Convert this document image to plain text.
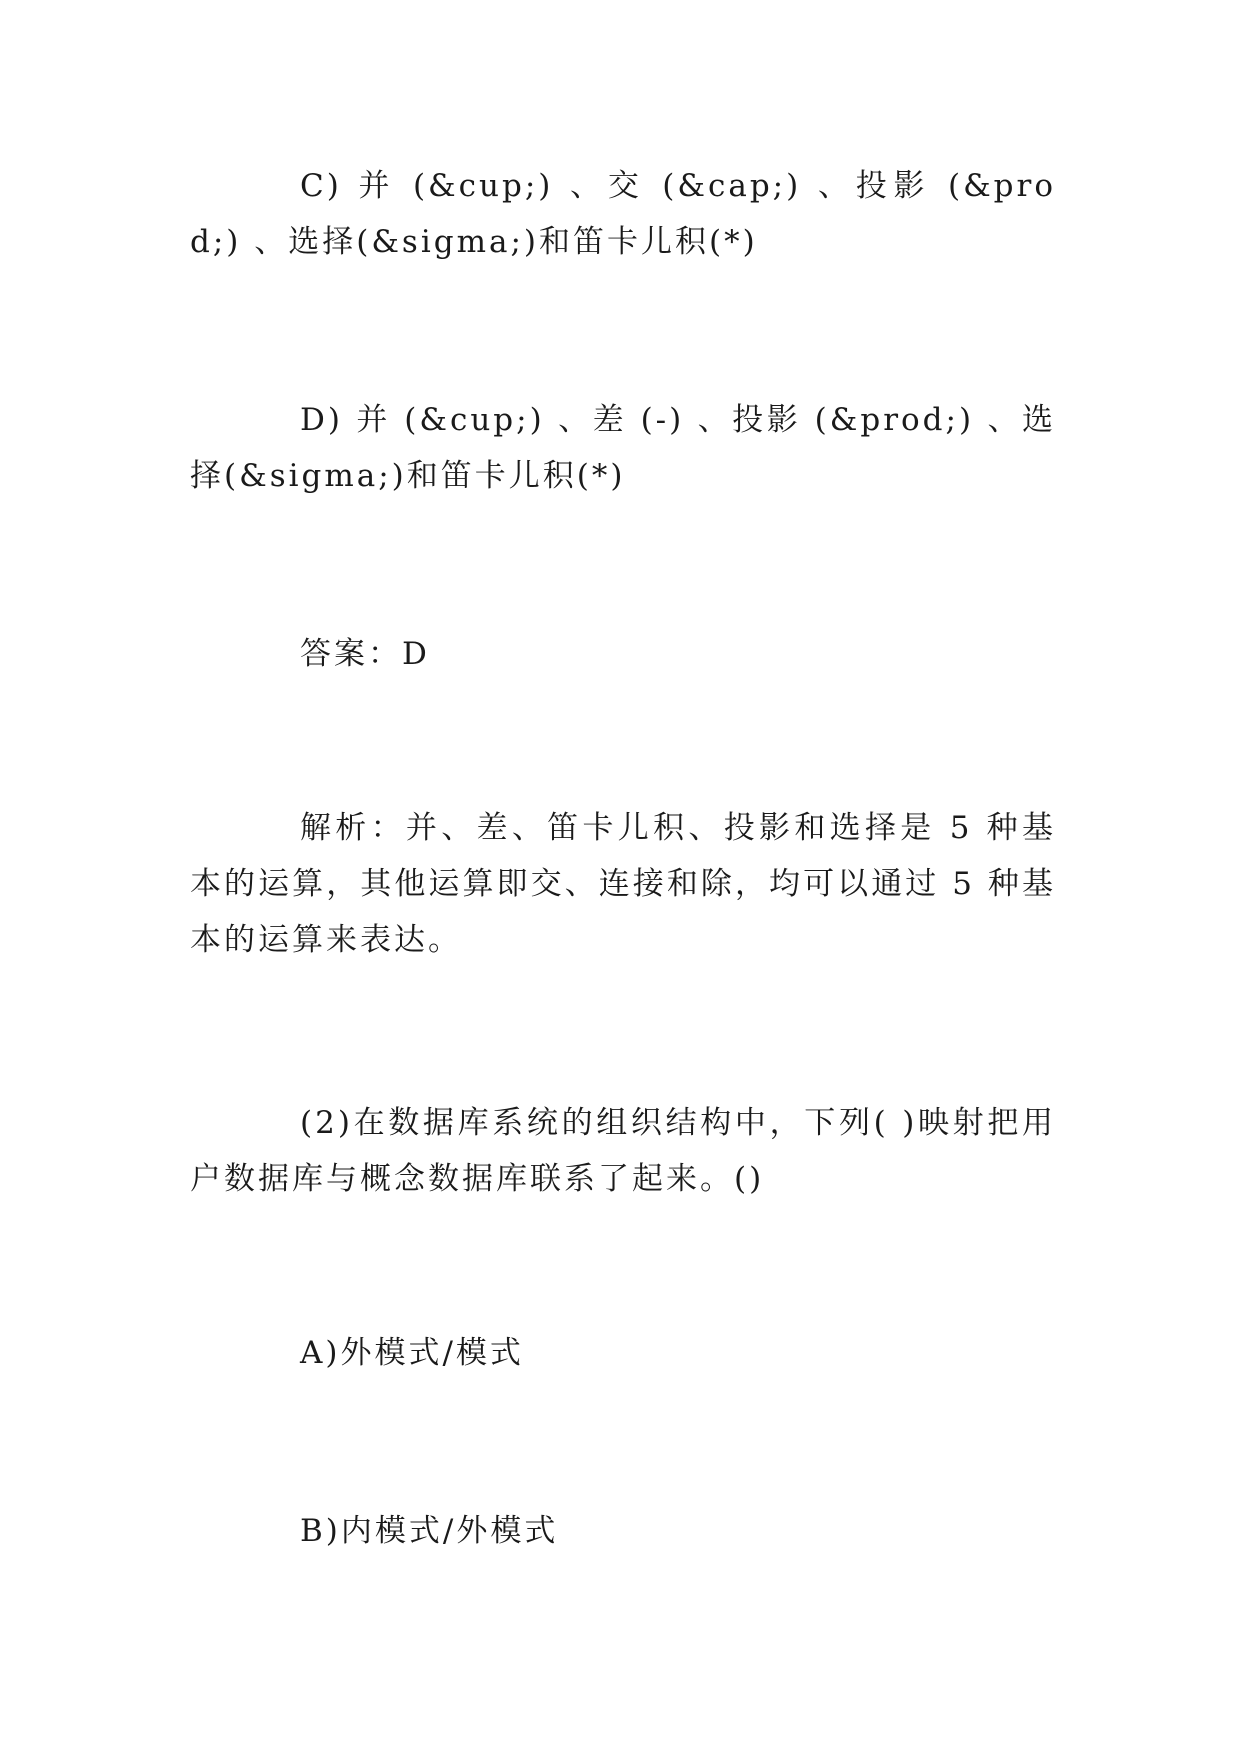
C) 并 (&cup;) 、交 (&cap;) 、投影 (&prod;) 、选择(&sigma;)和笛卡儿积(*)

D) 并 (&cup;) 、差 (-) 、投影 (&prod;) 、选择(&sigma;)和笛卡儿积(*)

答案：D

解析：并、差、笛卡儿积、投影和选择是 5 种基本的运算，其他运算即交、连接和除，均可以通过 5 种基本的运算来表达。

(2)在数据库系统的组织结构中，下列( )映射把用户数据库与概念数据库联系了起来。()

A)外模式/模式

B)内模式/外模式
